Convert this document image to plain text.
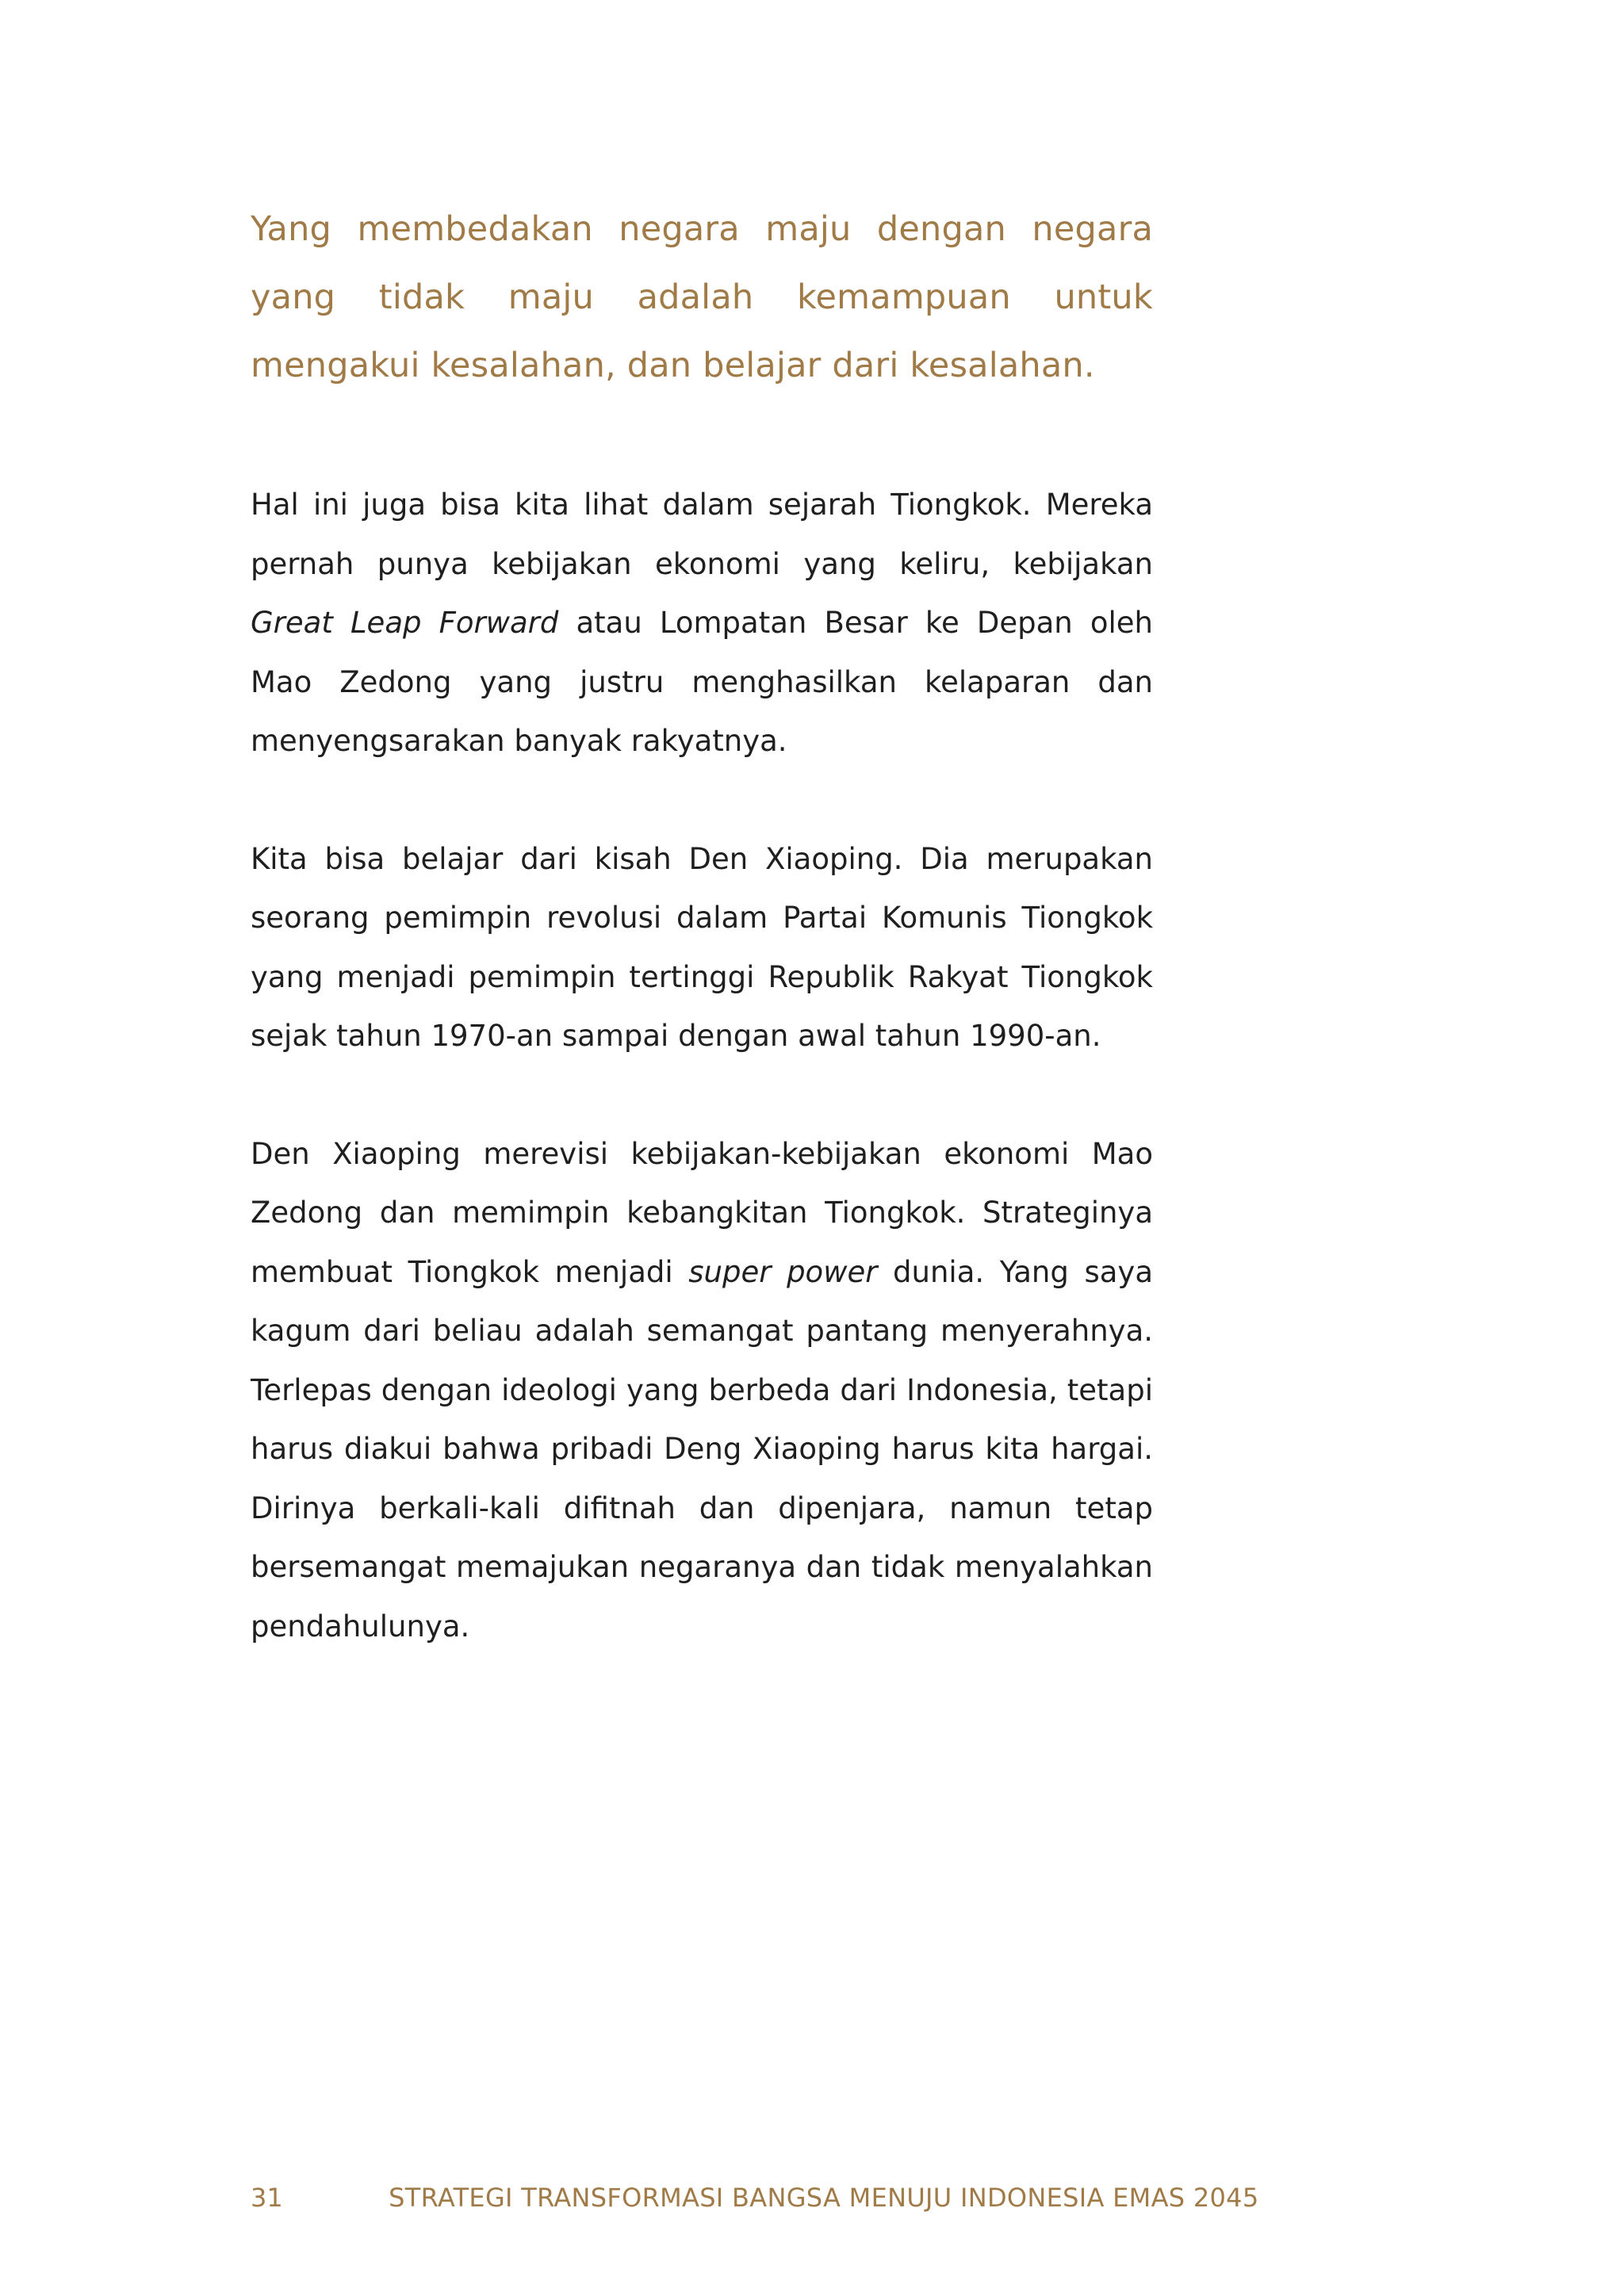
Yang membedakan negara maju dengan negara yang tidak maju adalah kemampuan untuk mengakui kesalahan, dan belajar dari kesalahan.

Hal ini juga bisa kita lihat dalam sejarah Tiongkok. Mereka pernah punya kebijakan ekonomi yang keliru, kebijakan Great Leap Forward atau Lompatan Besar ke Depan oleh Mao Zedong yang justru menghasilkan kelaparan dan menyengsarakan banyak rakyatnya.

Kita bisa belajar dari kisah Den Xiaoping. Dia merupakan seorang pemimpin revolusi dalam Partai Komunis Tiongkok yang menjadi pemimpin tertinggi Republik Rakyat Tiongkok sejak tahun 1970-an sampai dengan awal tahun 1990-an.

Den Xiaoping merevisi kebijakan-kebijakan ekonomi Mao Zedong dan memimpin kebangkitan Tiongkok. Strateginya membuat Tiongkok menjadi super power dunia. Yang saya kagum dari beliau adalah semangat pantang menyerahnya. Terlepas dengan ideologi yang berbeda dari Indonesia, tetapi harus diakui bahwa pribadi Deng Xiaoping harus kita hargai. Dirinya berkali-kali difitnah dan dipenjara, namun tetap bersemangat memajukan negaranya dan tidak menyalahkan pendahulunya.

31	STRATEGI TRANSFORMASI BANGSA MENUJU INDONESIA EMAS 2045
